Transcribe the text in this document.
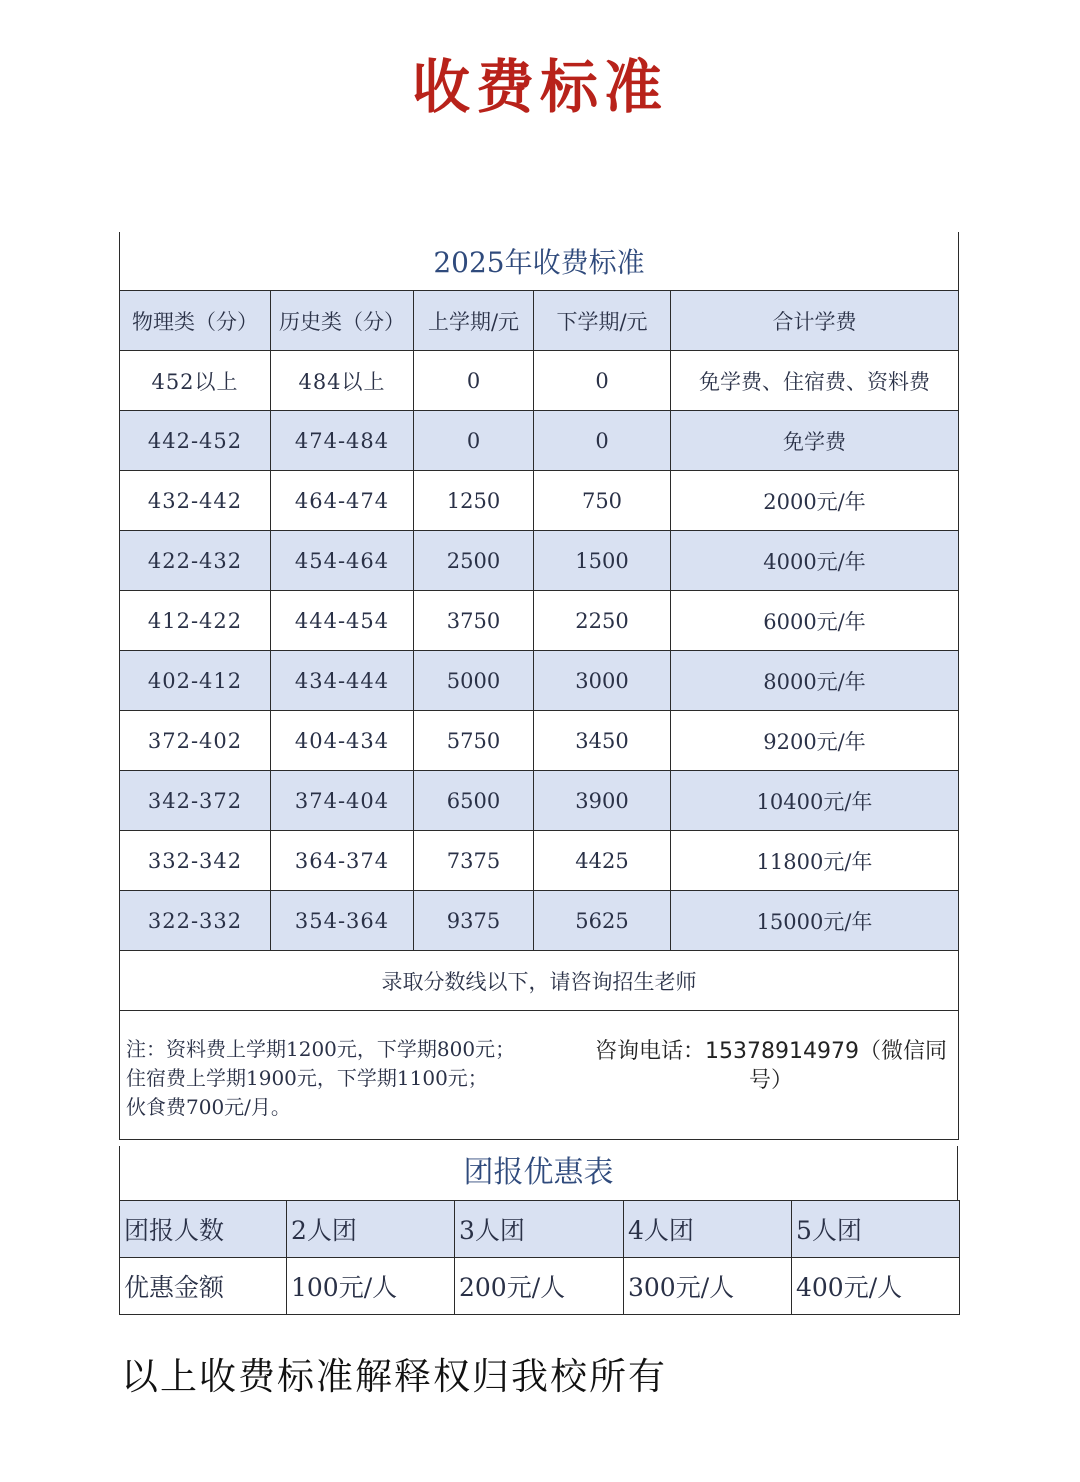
收费标准
2025年收费标准				
物理类（分）	历史类（分）	上学期/元	下学期/元	合计学费
452以上	484以上	0	0	免学费、住宿费、资料费
442-452	474-484	0	0	免学费
432-442	464-474	1250	750	2000元/年
422-432	454-464	2500	1500	4000元/年
412-422	444-454	3750	2250	6000元/年
402-412	434-444	5000	3000	8000元/年
372-402	404-434	5750	3450	9200元/年
342-372	374-404	6500	3900	10400元/年
332-342	364-374	7375	4425	11800元/年
322-332	354-364	9375	5625	15000元/年
录取分数线以下，请咨询招生老师				

注：资料费上学期1200元，下学期800元；
住宿费上学期1900元，下学期1100元；
伙食费700元/月。
咨询电话：15378914979（微信同号）				
团报优惠表
团报人数	2人团	3人团	4人团	5人团
优惠金额	100元/人	200元/人	300元/人	400元/人
以上收费标准解释权归我校所有
